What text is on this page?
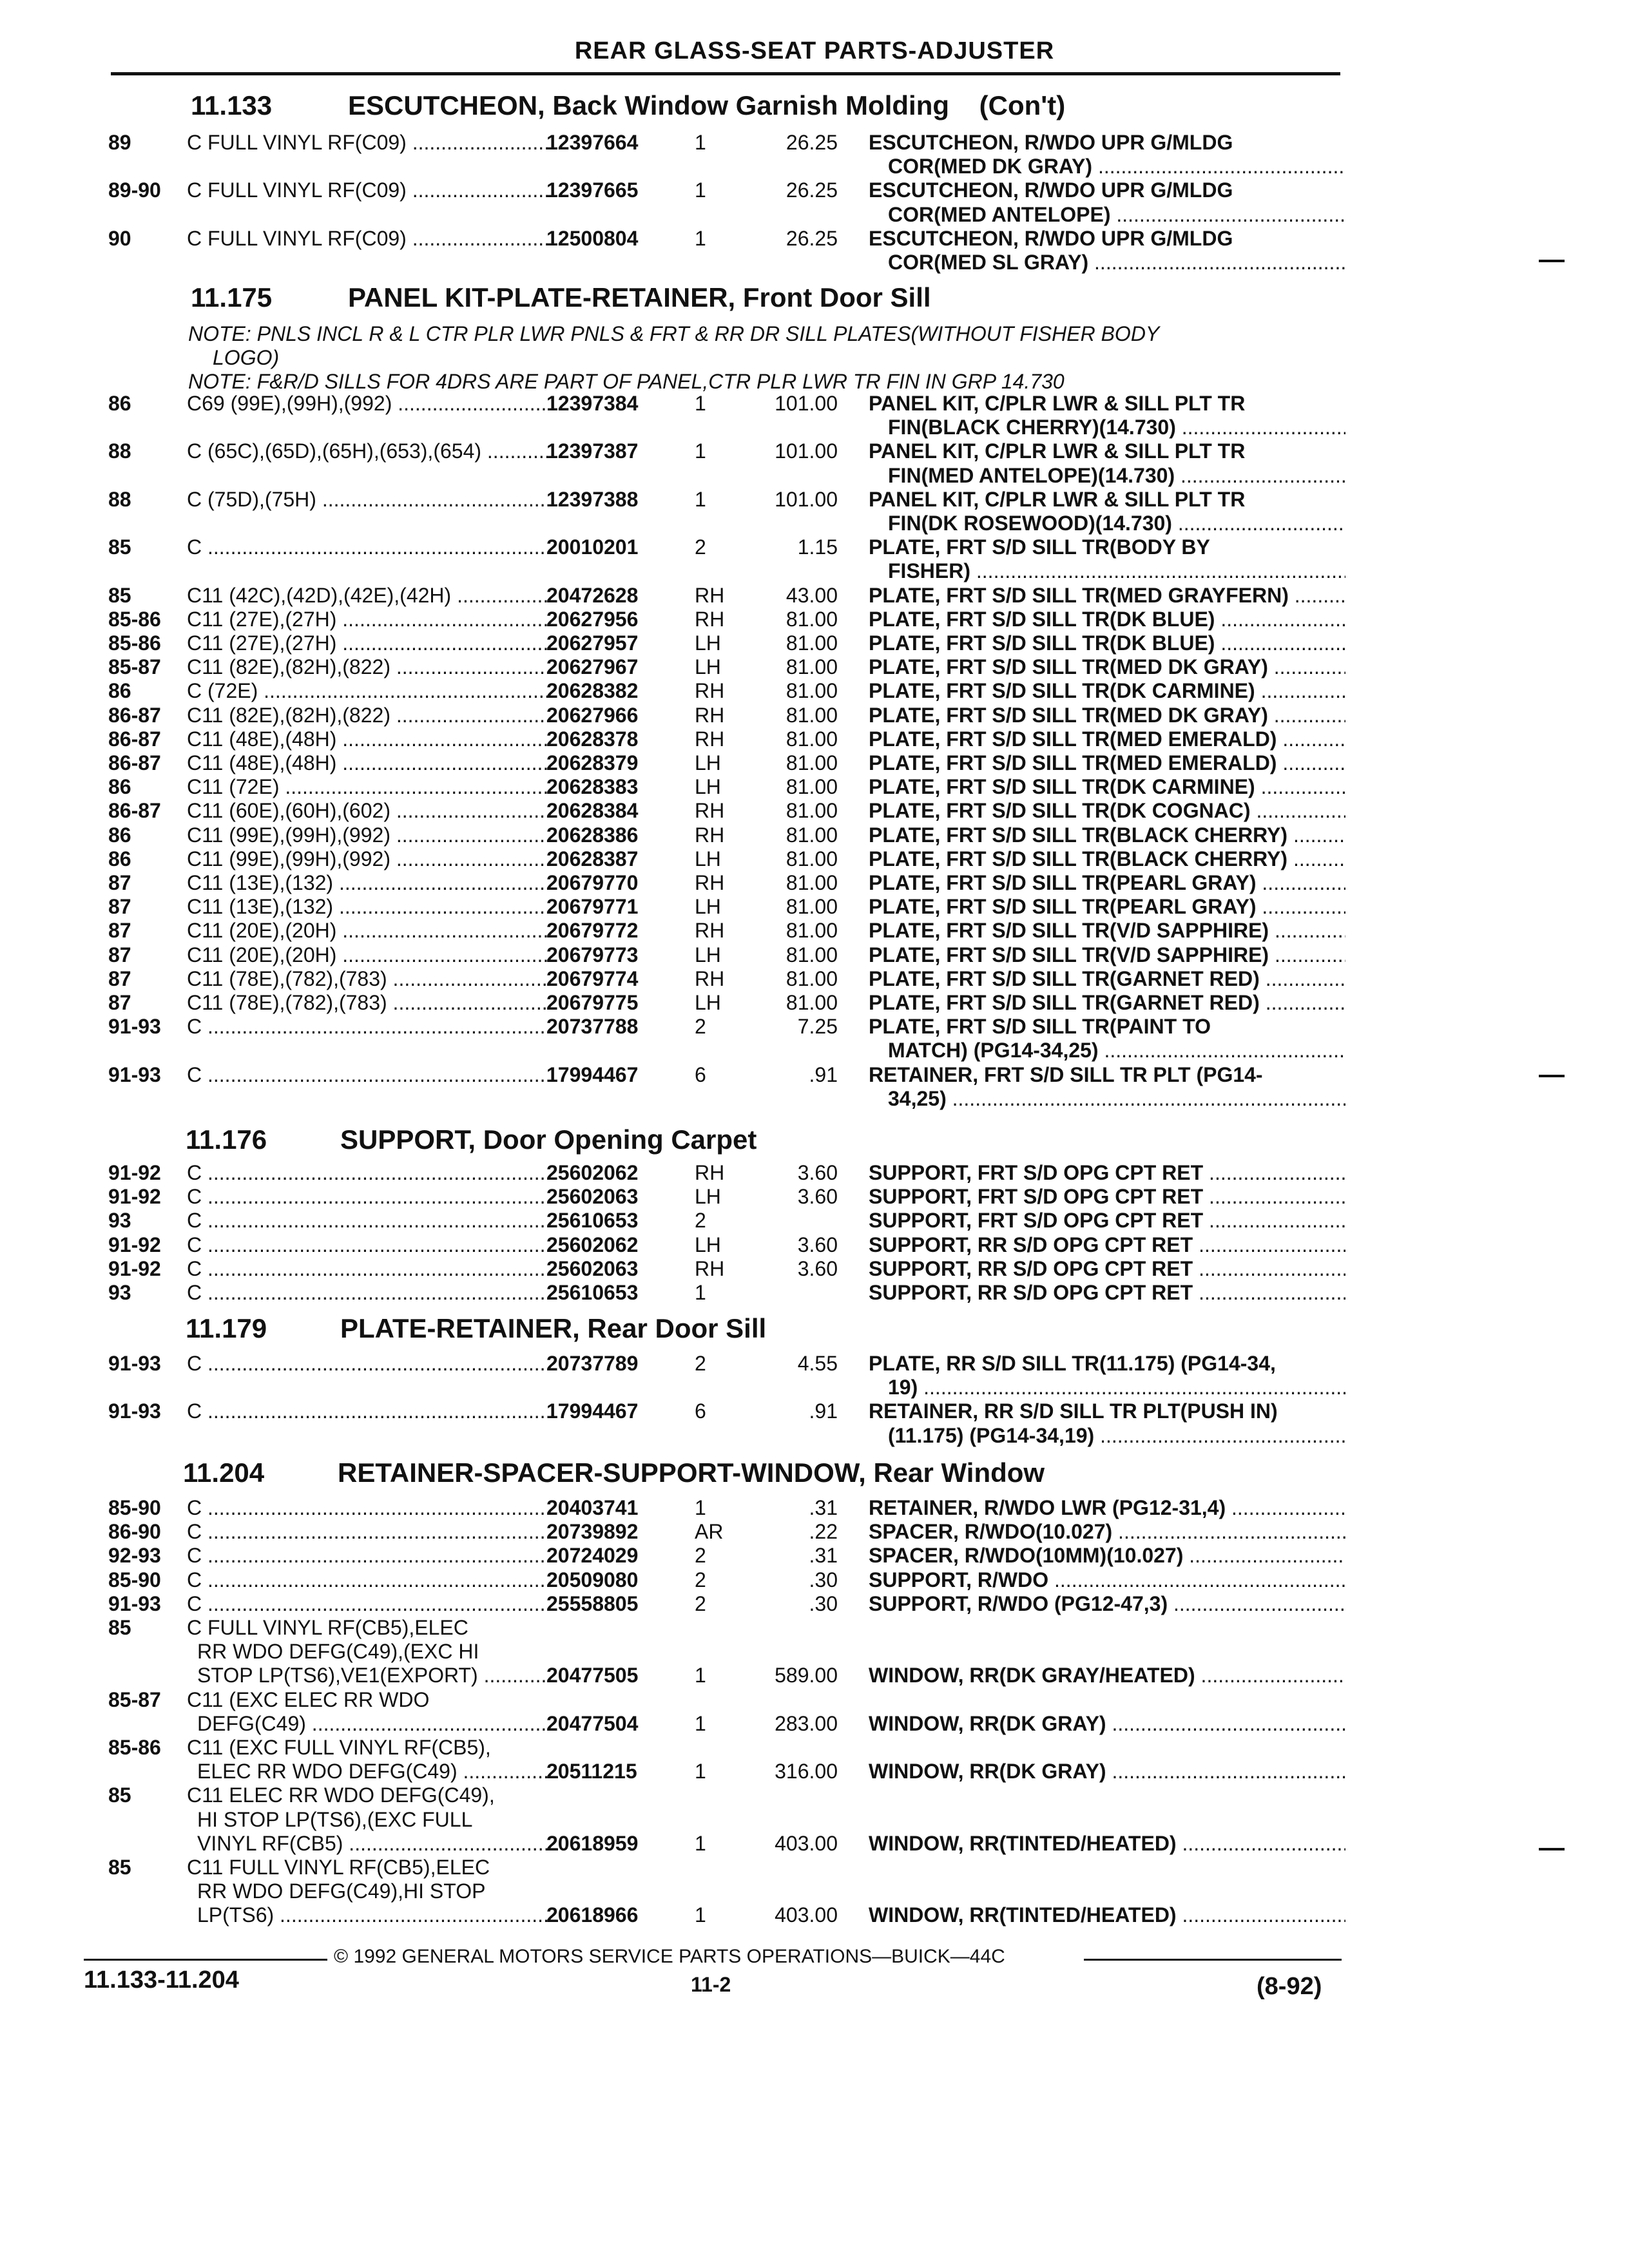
REAR GLASS-SEAT PARTS-ADJUSTER
11.133	ESCUTCHEON, Back Window Garnish Molding    (Con't)
89	C FULL VINYL RF(C09) .....	12397664	1	26.25 ESCUTCHEON, R/WDO UPR G/MLDG
COR(MED DK GRAY) .....
89-90	C FULL VINYL RF(C09) .....	12397665	1	26.25 ESCUTCHEON, R/WDO UPR G/MLDG
COR(MED ANTELOPE) .....
90	C FULL VINYL RF(C09) .....	12500804	1	26.25 ESCUTCHEON, R/WDO UPR G/MLDG
COR(MED SL GRAY) .....
11.175	PANEL KIT-PLATE-RETAINER, Front Door Sill
NOTE: PNLS INCL R & L CTR PLR LWR PNLS & FRT & RR DR SILL PLATES(WITHOUT FISHER BODY
LOGO)
NOTE: F&R/D SILLS FOR 4DRS ARE PART OF PANEL,CTR PLR LWR TR FIN IN GRP 14.730
86	C69 (99E),(99H),(992) .....	12397384	1	101.00 PANEL KIT, C/PLR LWR & SILL PLT TR
FIN(BLACK CHERRY)(14.730) .....
88	C (65C),(65D),(65H),(653),(654) .....	12397387	1	101.00 PANEL KIT, C/PLR LWR & SILL PLT TR
FIN(MED ANTELOPE)(14.730) .....
88	C (75D),(75H) .....	12397388	1	101.00 PANEL KIT, C/PLR LWR & SILL PLT TR
FIN(DK ROSEWOOD)(14.730) .....
85	C .....	20010201	2	1.15 PLATE, FRT S/D SILL TR(BODY BY
FISHER) .....
85	C11 (42C),(42D),(42E),(42H) .....	20472628	RH	43.00 PLATE, FRT S/D SILL TR(MED GRAYFERN) .....
85-86	C11 (27E),(27H) .....	20627956	RH	81.00 PLATE, FRT S/D SILL TR(DK BLUE) .....
85-86	C11 (27E),(27H) .....	20627957	LH	81.00 PLATE, FRT S/D SILL TR(DK BLUE) .....
85-87	C11 (82E),(82H),(822) .....	20627967	LH	81.00 PLATE, FRT S/D SILL TR(MED DK GRAY) .....
86	C (72E) .....	20628382	RH	81.00 PLATE, FRT S/D SILL TR(DK CARMINE) .....
86-87	C11 (82E),(82H),(822) .....	20627966	RH	81.00 PLATE, FRT S/D SILL TR(MED DK GRAY) .....
86-87	C11 (48E),(48H) .....	20628378	RH	81.00 PLATE, FRT S/D SILL TR(MED EMERALD) .....
86-87	C11 (48E),(48H) .....	20628379	LH	81.00 PLATE, FRT S/D SILL TR(MED EMERALD) .....
86	C11 (72E) .....	20628383	LH	81.00 PLATE, FRT S/D SILL TR(DK CARMINE) .....
86-87	C11 (60E),(60H),(602) .....	20628384	RH	81.00 PLATE, FRT S/D SILL TR(DK COGNAC) .....
86	C11 (99E),(99H),(992) .....	20628386	RH	81.00 PLATE, FRT S/D SILL TR(BLACK CHERRY) .....
86	C11 (99E),(99H),(992) .....	20628387	LH	81.00 PLATE, FRT S/D SILL TR(BLACK CHERRY) .....
87	C11 (13E),(132) .....	20679770	RH	81.00 PLATE, FRT S/D SILL TR(PEARL GRAY) .....
87	C11 (13E),(132) .....	20679771	LH	81.00 PLATE, FRT S/D SILL TR(PEARL GRAY) .....
87	C11 (20E),(20H) .....	20679772	RH	81.00 PLATE, FRT S/D SILL TR(V/D SAPPHIRE) .....
87	C11 (20E),(20H) .....	20679773	LH	81.00 PLATE, FRT S/D SILL TR(V/D SAPPHIRE) .....
87	C11 (78E),(782),(783) .....	20679774	RH	81.00 PLATE, FRT S/D SILL TR(GARNET RED) .....
87	C11 (78E),(782),(783) .....	20679775	LH	81.00 PLATE, FRT S/D SILL TR(GARNET RED) .....
91-93	C .....	20737788	2	7.25 PLATE, FRT S/D SILL TR(PAINT TO
MATCH) (PG14-34,25) .....
91-93	C .....	17994467	6	.91 RETAINER, FRT S/D SILL TR PLT (PG14-
34,25) .....
11.176	SUPPORT, Door Opening Carpet
91-92	C .....	25602062	RH	3.60 SUPPORT, FRT S/D OPG CPT RET .....
91-92	C .....	25602063	LH	3.60 SUPPORT, FRT S/D OPG CPT RET .....
93	C .....	25610653	2	SUPPORT, FRT S/D OPG CPT RET .....
91-92	C .....	25602062	LH	3.60 SUPPORT, RR S/D OPG CPT RET .....
91-92	C .....	25602063	RH	3.60 SUPPORT, RR S/D OPG CPT RET .....
93	C .....	25610653	1	SUPPORT, RR S/D OPG CPT RET .....
11.179	PLATE-RETAINER, Rear Door Sill
91-93	C .....	20737789	2	4.55 PLATE, RR S/D SILL TR(11.175) (PG14-34,
19) .....
91-93	C .....	17994467	6	.91 RETAINER, RR S/D SILL TR PLT(PUSH IN)
(11.175) (PG14-34,19) .....
11.204	RETAINER-SPACER-SUPPORT-WINDOW, Rear Window
85-90	C .....	20403741	1	.31 RETAINER, R/WDO LWR (PG12-31,4) .....
86-90	C .....	20739892	AR	.22 SPACER, R/WDO(10.027) .....
92-93	C .....	20724029	2	.31 SPACER, R/WDO(10MM)(10.027) .....
85-90	C .....	20509080	2	.30 SUPPORT, R/WDO .....
91-93	C .....	25558805	2	.30 SUPPORT, R/WDO (PG12-47,3) .....
85	C FULL VINYL RF(CB5),ELEC
RR WDO DEFG(C49),(EXC HI
STOP LP(TS6),VE1(EXPORT) .....	20477505	1	589.00 WINDOW, RR(DK GRAY/HEATED) .....
85-87	C11 (EXC ELEC RR WDO
DEFG(C49) .....	20477504	1	283.00 WINDOW, RR(DK GRAY) .....
85-86	C11 (EXC FULL VINYL RF(CB5),
ELEC RR WDO DEFG(C49) .....	20511215	1	316.00 WINDOW, RR(DK GRAY) .....
85	C11 ELEC RR WDO DEFG(C49),
HI STOP LP(TS6),(EXC FULL
VINYL RF(CB5) .....	20618959	1	403.00 WINDOW, RR(TINTED/HEATED) .....
85	C11 FULL VINYL RF(CB5),ELEC
RR WDO DEFG(C49),HI STOP
LP(TS6) .....	20618966	1	403.00 WINDOW, RR(TINTED/HEATED) .....
© 1992 GENERAL MOTORS SERVICE PARTS OPERATIONS—BUICK—44C
11.133-11.204	11-2	(8-92)
